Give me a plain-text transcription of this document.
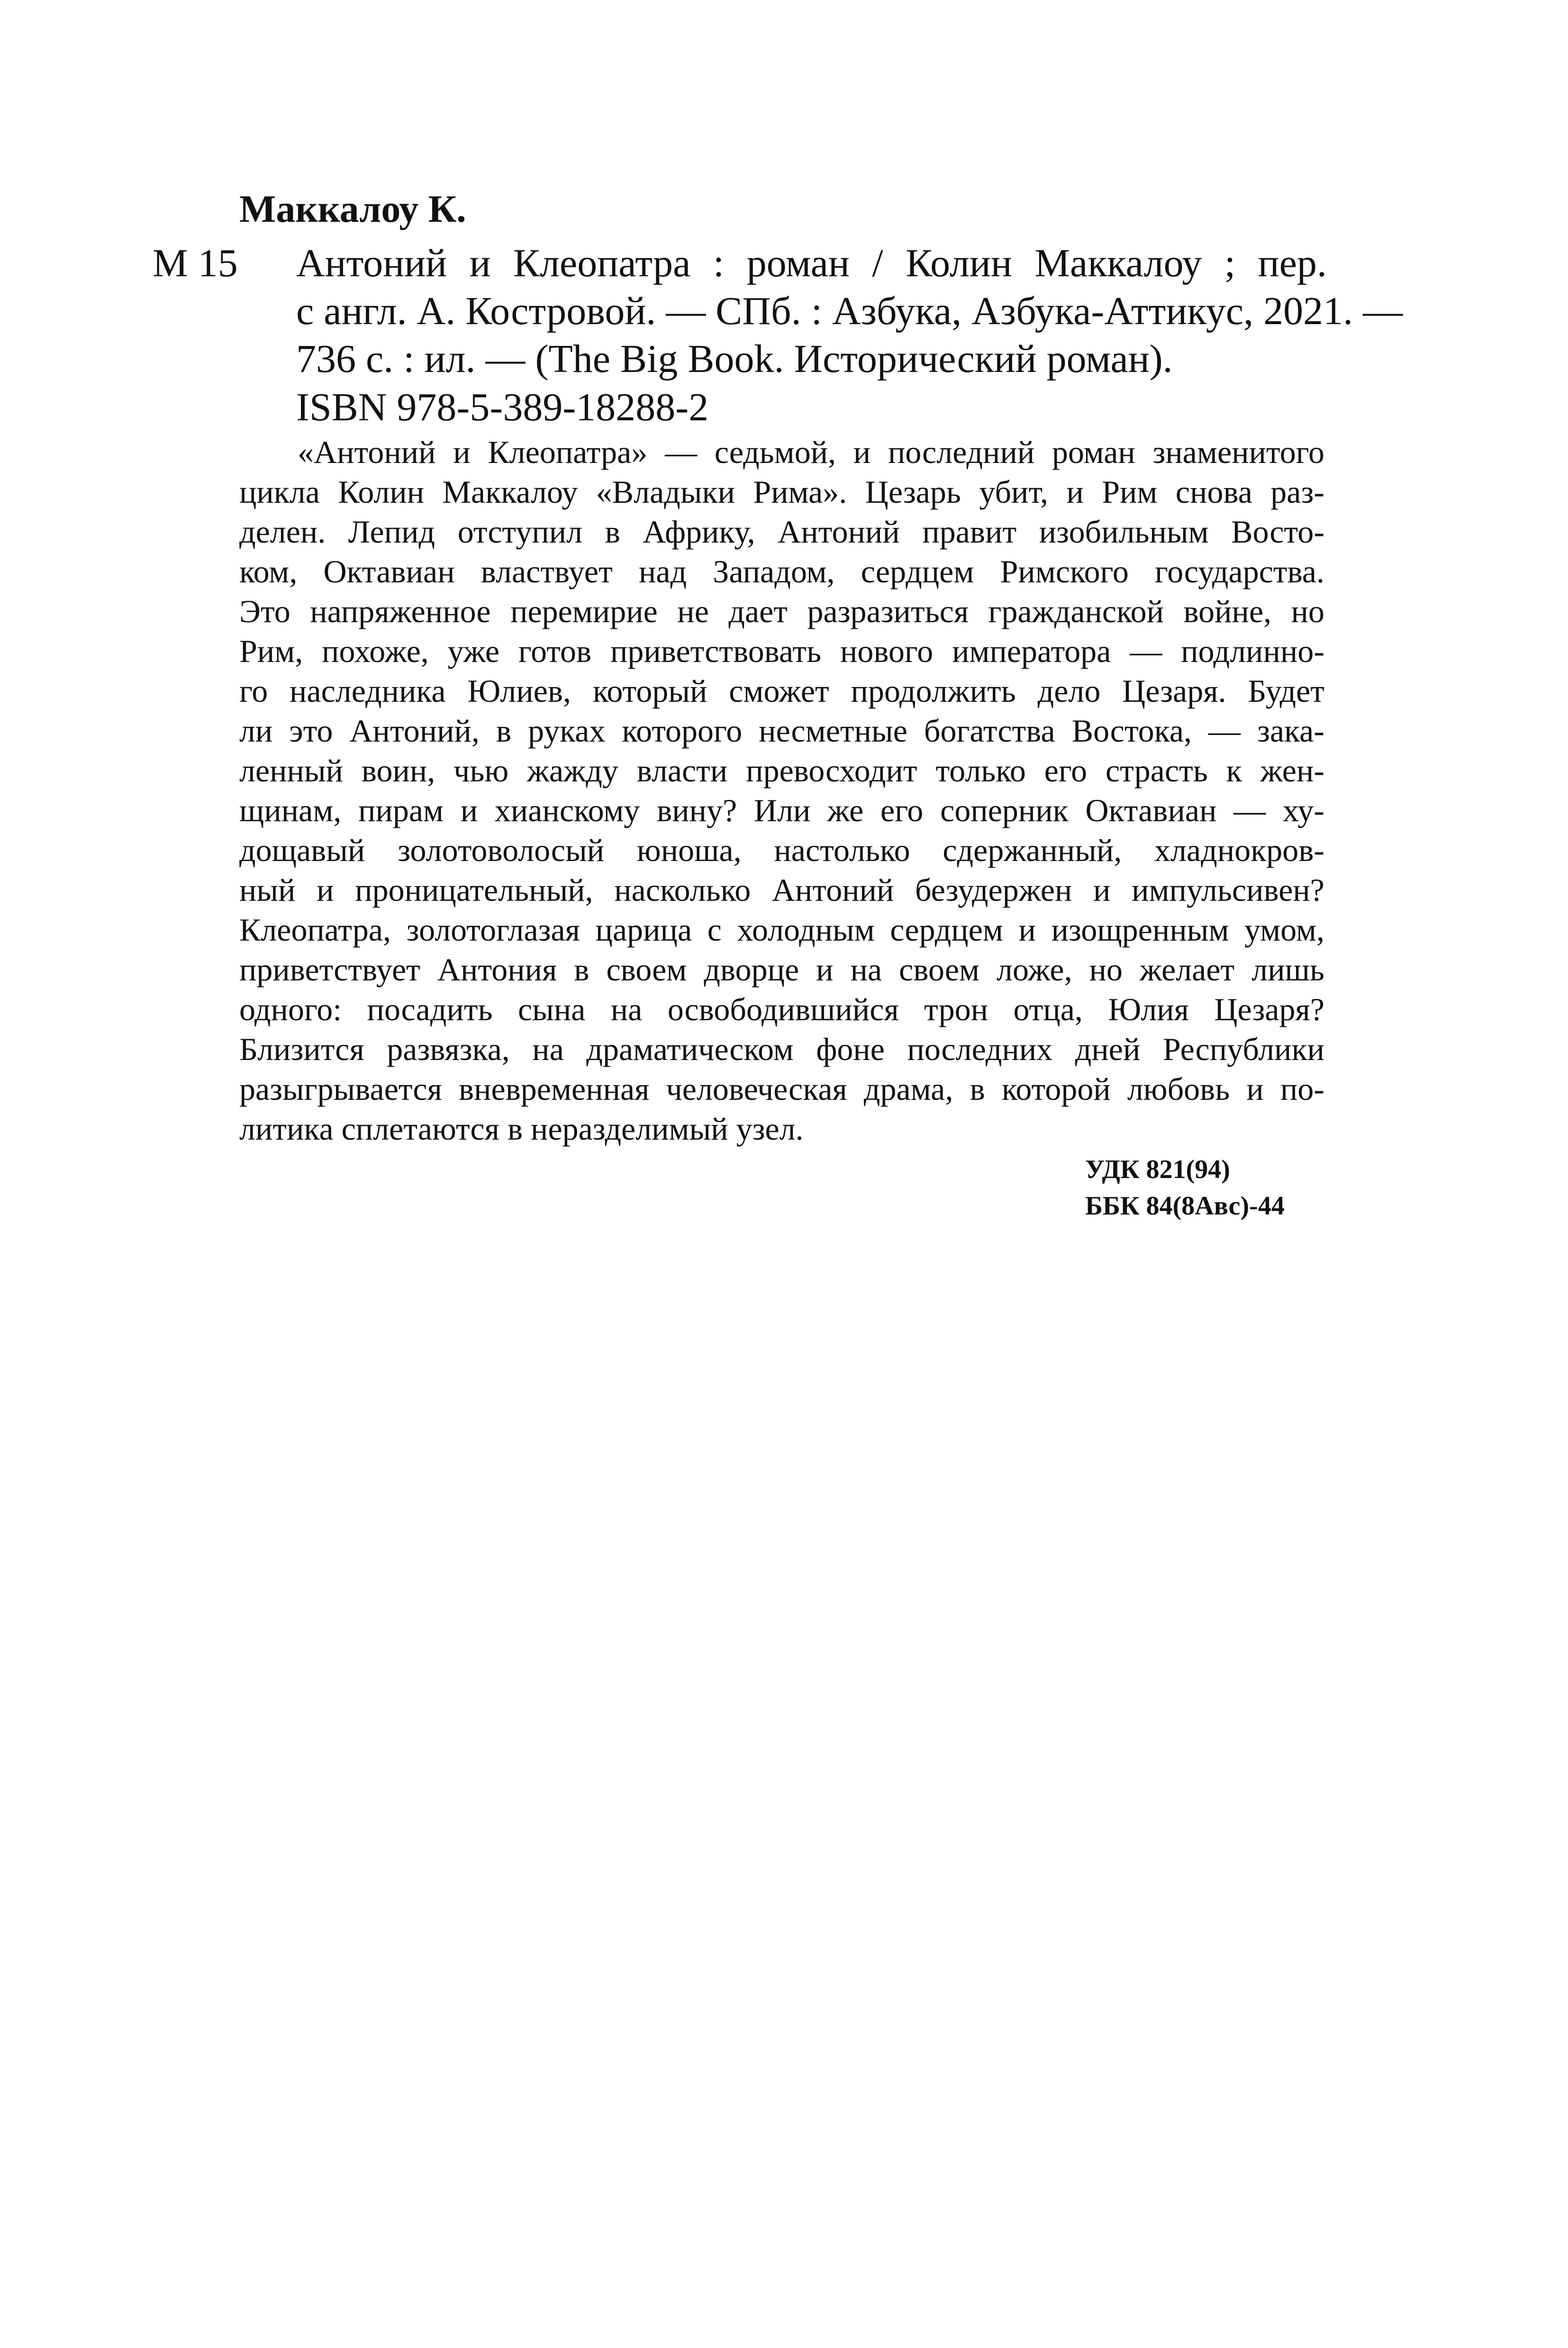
Маккалоу К.
М 15 Антоний и Клеопатра : роман / Колин Маккалоу ; пер.
с англ. А. Костровой. — СПб. : Азбука, Азбука-Аттикус, 2021. —
736 с. : ил. — (The Big Book. Исторический роман).
ISBN 978-5-389-18288-2
«Антоний и Клеопатра» — седьмой, и последний роман знаменитого
цикла Колин Маккалоу «Владыки Рима». Цезарь убит, и Рим снова раз-
делен. Лепид отступил в Африку, Антоний правит изобильным Восто-
ком, Октавиан властвует над Западом, сердцем Римского государства.
Это напряженное перемирие не дает разразиться гражданской войне, но
Рим, похоже, уже готов приветствовать нового императора — подлинно-
го наследника Юлиев, который сможет продолжить дело Цезаря. Будет
ли это Антоний, в руках которого несметные богатства Востока, — зака-
ленный воин, чью жажду власти превосходит только его страсть к жен-
щинам, пирам и хианскому вину? Или же его соперник Октавиан — ху-
дощавый золотоволосый юноша, настолько сдержанный, хладнокров-
ный и проницательный, насколько Антоний безудержен и импульсивен?
Клеопатра, золотоглазая царица с холодным сердцем и изощренным умом,
приветствует Антония в своем дворце и на своем ложе, но желает лишь
одного: посадить сына на освободившийся трон отца, Юлия Цезаря?
Близится развязка, на драматическом фоне последних дней Республики
разыгрывается вневременная человеческая драма, в которой любовь и по-
литика сплетаются в неразделимый узел.
УДК 821(94)
ББК 84(8Авс)-44
